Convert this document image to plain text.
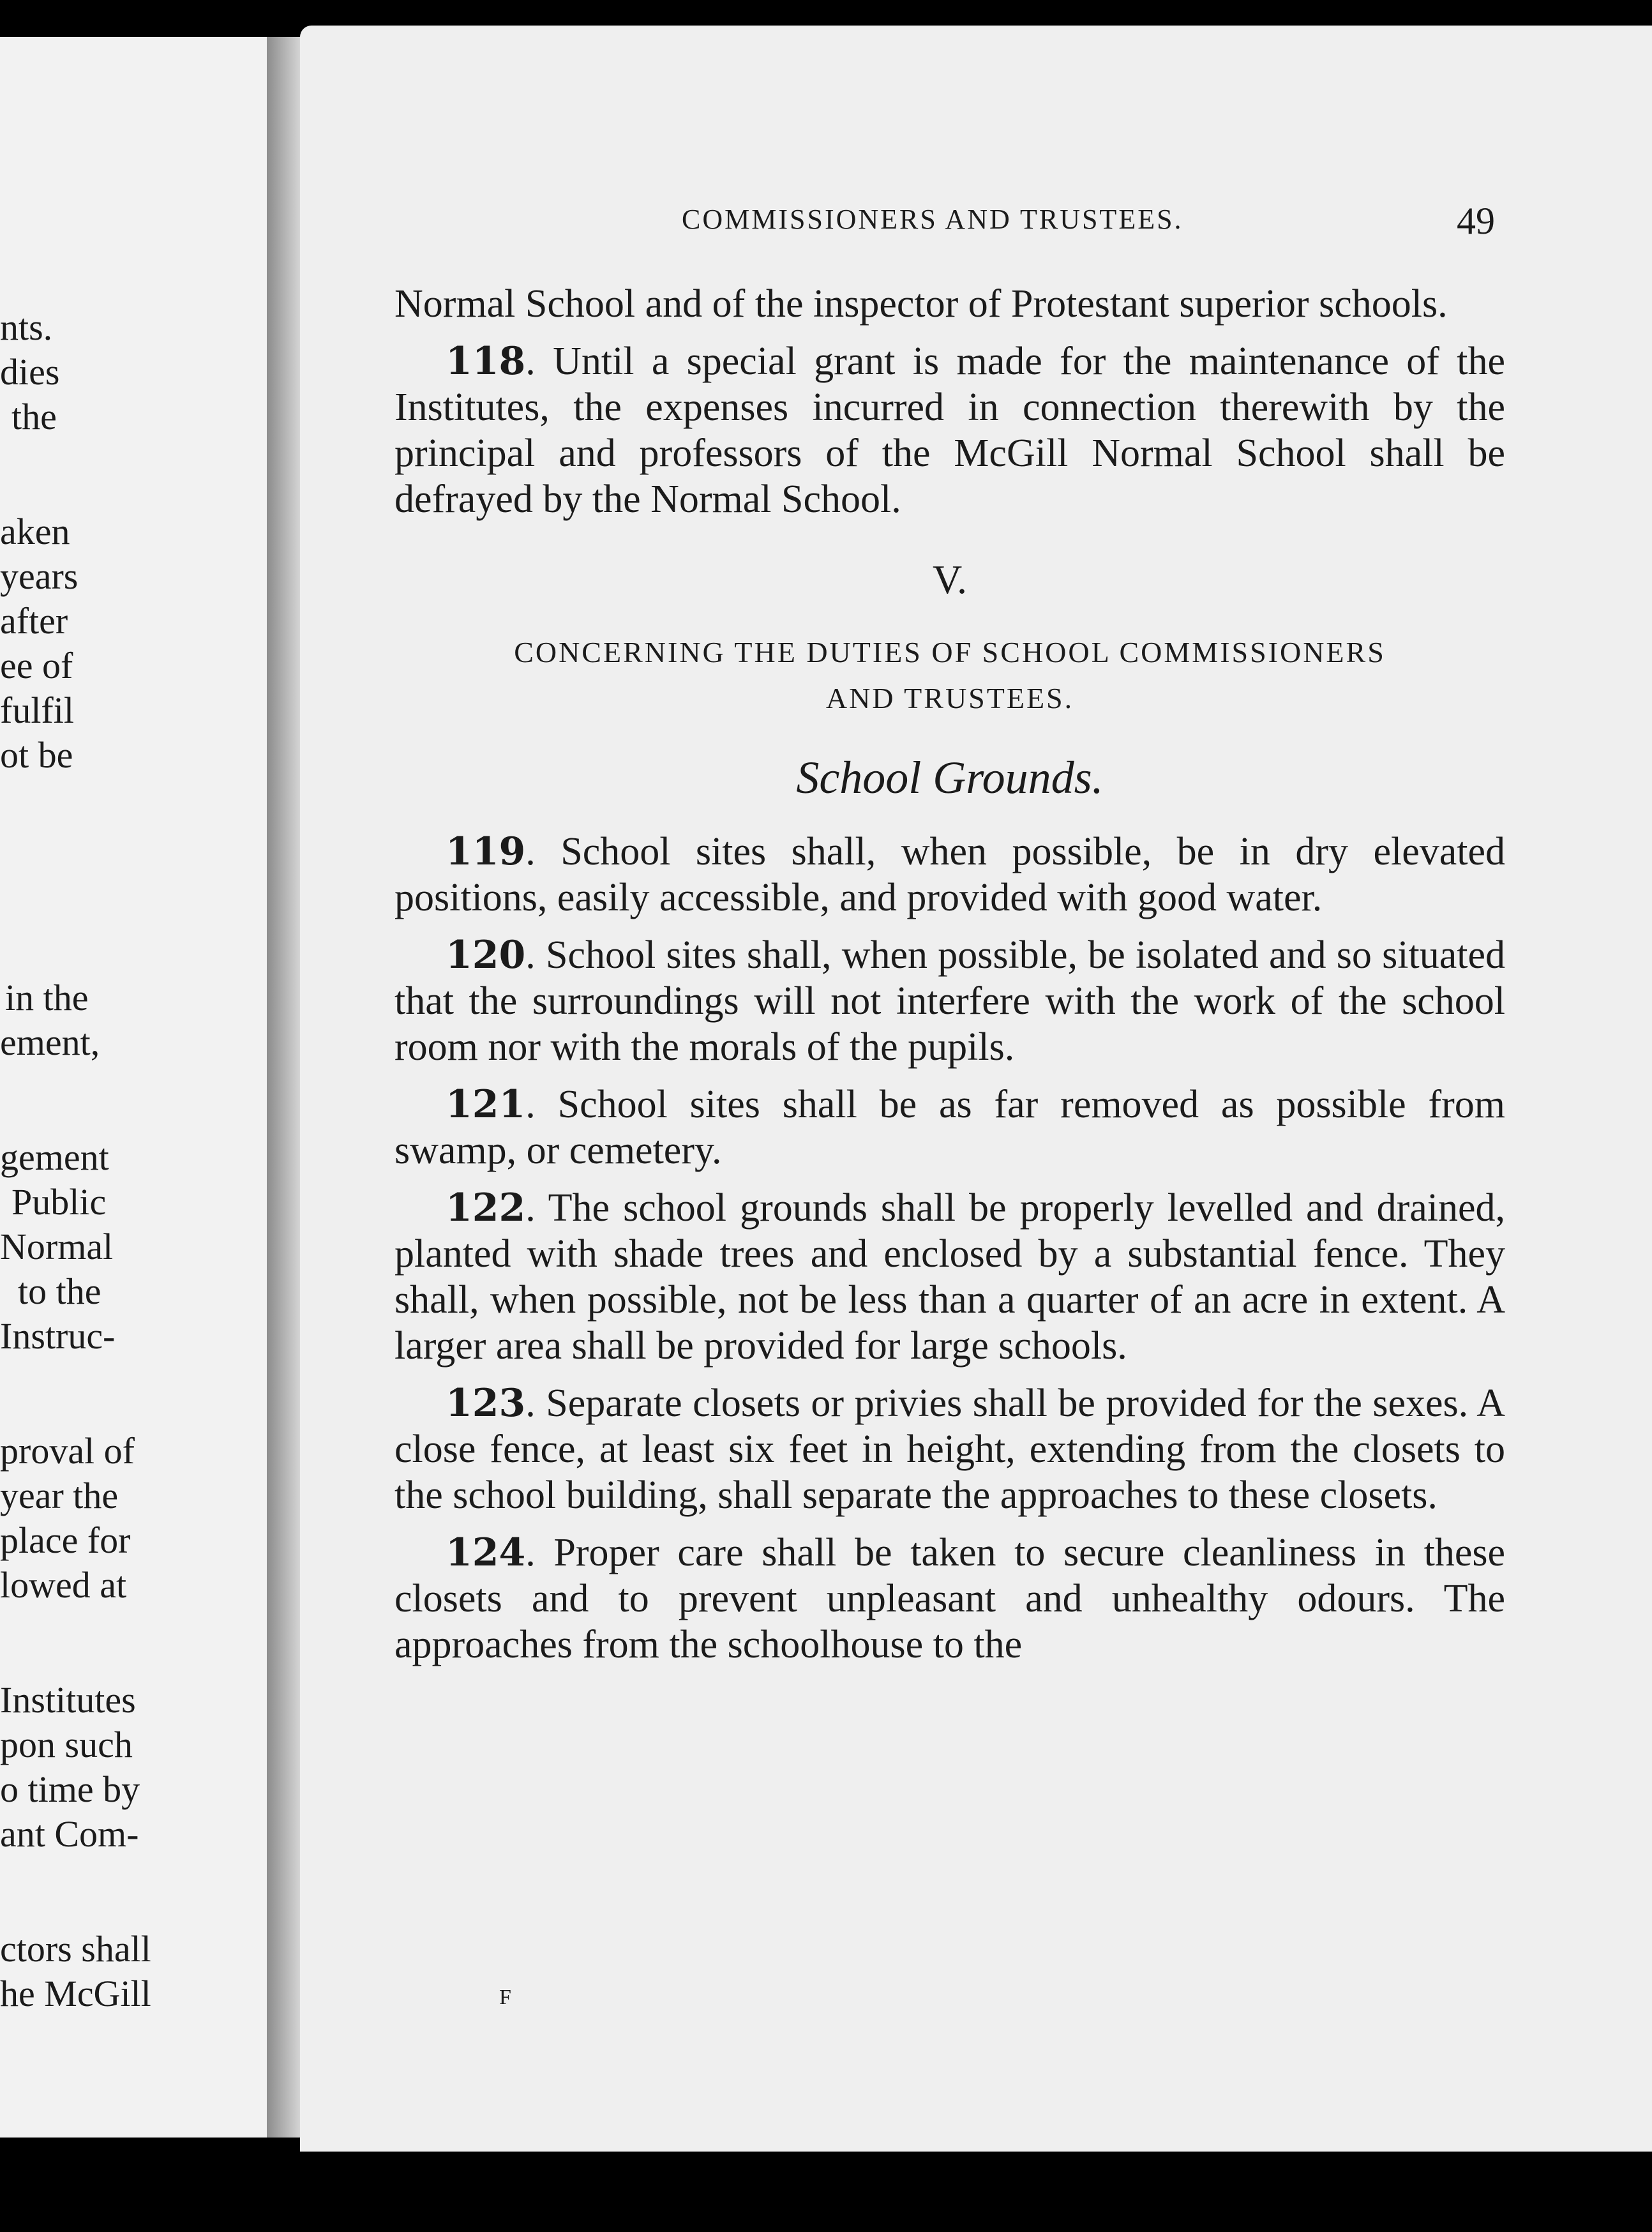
nts.
dies
the
aken
years
after
ee of
fulfil
ot be
in the
ement,
gement
Public
Normal
to the
Instruc-
proval of
year the
place for
lowed at
Institutes
pon such
o time by
ant Com-
ctors shall
he McGill
COMMISSIONERS AND TRUSTEES.	49

Normal School and of the inspector of Protestant superior schools.

118. Until a special grant is made for the maintenance of the Institutes, the expenses incurred in connection therewith by the principal and professors of the McGill Normal School shall be defrayed by the Normal School.

V.

CONCERNING THE DUTIES OF SCHOOL COMMISSIONERS

AND TRUSTEES.

School Grounds.

119. School sites shall, when possible, be in dry elevated positions, easily accessible, and provided with good water.

120. School sites shall, when possible, be isolated and so situated that the surroundings will not interfere with the work of the school room nor with the morals of the pupils.

121. School sites shall be as far removed as possible from swamp, or cemetery.

122. The school grounds shall be properly levelled and drained, planted with shade trees and enclosed by a substantial fence. They shall, when possible, not be less than a quarter of an acre in extent. A larger area shall be provided for large schools.

123. Separate closets or privies shall be provided for the sexes. A close fence, at least six feet in height, extending from the closets to the school building, shall separate the approaches to these closets.

124. Proper care shall be taken to secure cleanliness in these closets and to prevent unpleasant and unhealthy odours. The approaches from the schoolhouse to the

F
